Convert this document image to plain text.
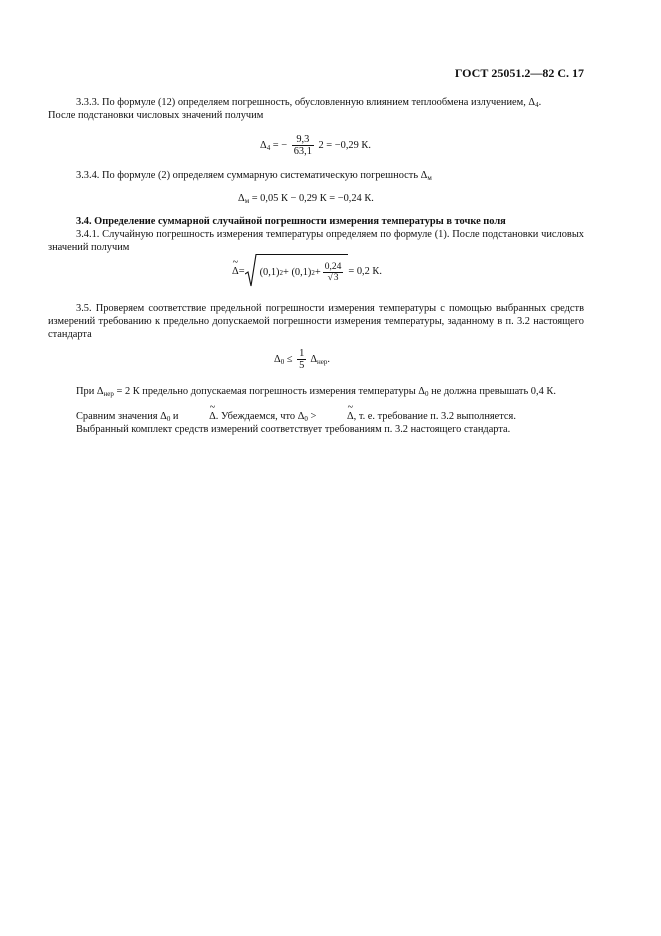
ГОСТ 25051.2—82 С. 17
3.3.3. По формуле (12) определяем погрешность, обусловленную влиянием теплообмена излучением, $\Delta_4$.
После подстановки числовых значений получим
$\Delta_4$ = − $\frac{9,3}{63,1} 2 = -0,29$ К.
3.3.4. По формуле (2) определяем суммарную систематическую погрешность $\Delta_м$
$\Delta_м = 0,05$ К − 0,29 К = −0,24 К.
3.4. Определение суммарной случайной погрешности измерения температуры в точке поля
3.4.1. Случайную погрешность измерения температуры определяем по формуле (1). После подстановки числовых значений получим
~ Δ = (0,1) 2 + (0,1) $2 + \frac{0,24}{√3} = 0,2$ К.
3.5. Проверяем соответствие предельной погрешности измерения температуры с помощью выбранных средств измерений требованию к предельно допускаемой погрешности измерения температуры, заданному в п. 3.2 настоящего стандарта
$\Delta_0 \le \frac{1}{5} \Delta_{нер}$.
При $\Delta_{нер} = 2$ К предельно допускаемая погрешность измерения температуры $\Delta_0$ не должна превышать 0,4 К.
Сравним значения $\Delta_0$ и	~ Δ. Убеждаемся, что $\Delta_0$ >	~ Δ, т. е. требование п. 3.2 выполняется.
Выбранный комплект средств измерений соответствует требованиям п. 3.2 настоящего стандарта.
